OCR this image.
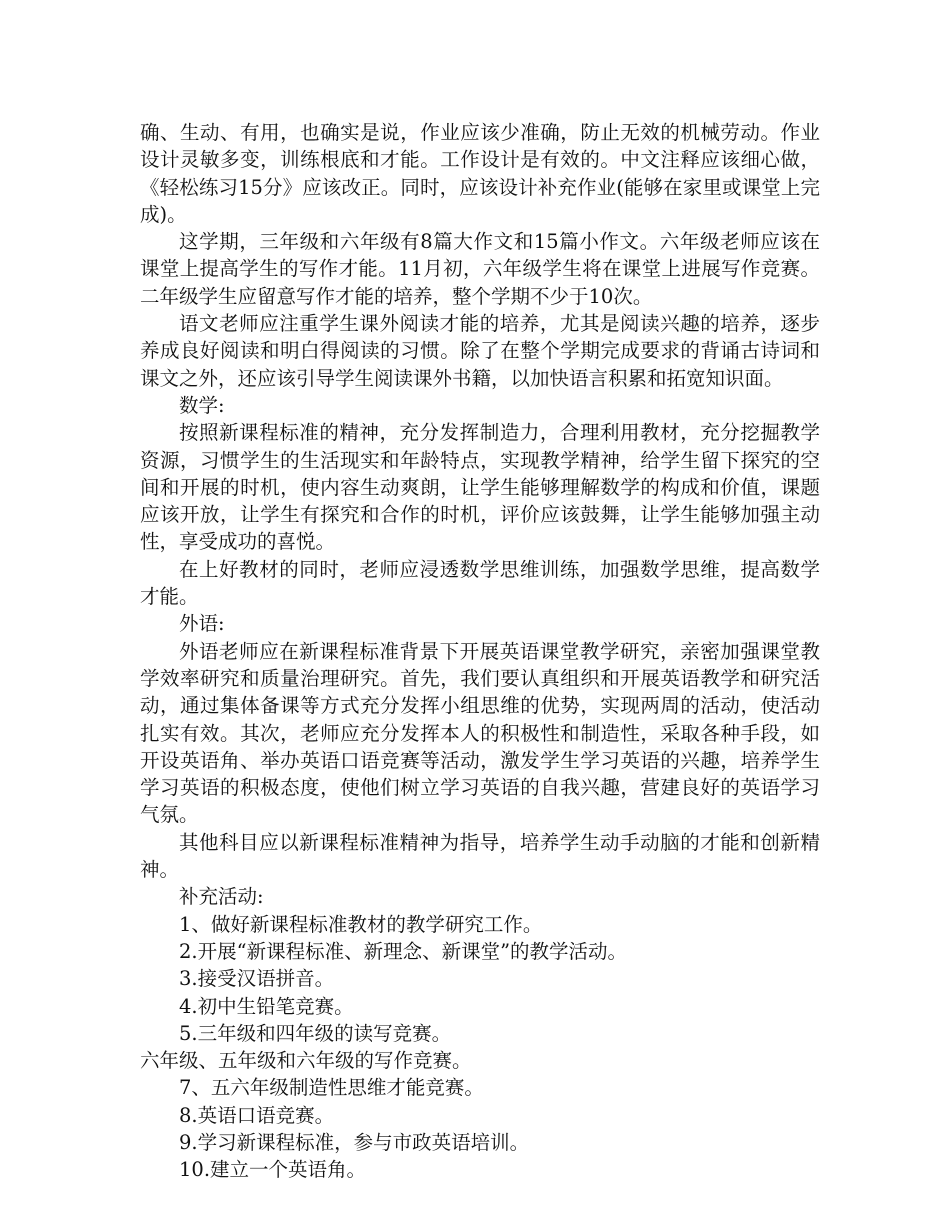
确、生动、有用，也确实是说，作业应该少准确，防止无效的机械劳动。作业设计灵敏多变，训练根底和才能。工作设计是有效的。中文注释应该细心做，《轻松练习15分》应该改正。同时，应该设计补充作业(能够在家里或课堂上完成)。

这学期，三年级和六年级有8篇大作文和15篇小作文。六年级老师应该在课堂上提高学生的写作才能。11月初，六年级学生将在课堂上进展写作竞赛。二年级学生应留意写作才能的培养，整个学期不少于10次。

语文老师应注重学生课外阅读才能的培养，尤其是阅读兴趣的培养，逐步养成良好阅读和明白得阅读的习惯。除了在整个学期完成要求的背诵古诗词和课文之外，还应该引导学生阅读课外书籍，以加快语言积累和拓宽知识面。

数学:

按照新课程标准的精神，充分发挥制造力，合理利用教材，充分挖掘教学资源，习惯学生的生活现实和年龄特点，实现教学精神，给学生留下探究的空间和开展的时机，使内容生动爽朗，让学生能够理解数学的构成和价值，课题应该开放，让学生有探究和合作的时机，评价应该鼓舞，让学生能够加强主动性，享受成功的喜悦。

在上好教材的同时，老师应浸透数学思维训练，加强数学思维，提高数学才能。

外语:

外语老师应在新课程标准背景下开展英语课堂教学研究，亲密加强课堂教学效率研究和质量治理研究。首先，我们要认真组织和开展英语教学和研究活动，通过集体备课等方式充分发挥小组思维的优势，实现两周的活动，使活动扎实有效。其次，老师应充分发挥本人的积极性和制造性，采取各种手段，如开设英语角、举办英语口语竞赛等活动，激发学生学习英语的兴趣，培养学生学习英语的积极态度，使他们树立学习英语的自我兴趣，营建良好的英语学习气氛。

其他科目应以新课程标准精神为指导，培养学生动手动脑的才能和创新精神。

补充活动:

1、做好新课程标准教材的教学研究工作。

2.开展“新课程标准、新理念、新课堂”的教学活动。

3.接受汉语拼音。

4.初中生铅笔竞赛。

5.三年级和四年级的读写竞赛。

六年级、五年级和六年级的写作竞赛。

7、五六年级制造性思维才能竞赛。

8.英语口语竞赛。

9.学习新课程标准，参与市政英语培训。

10.建立一个英语角。
